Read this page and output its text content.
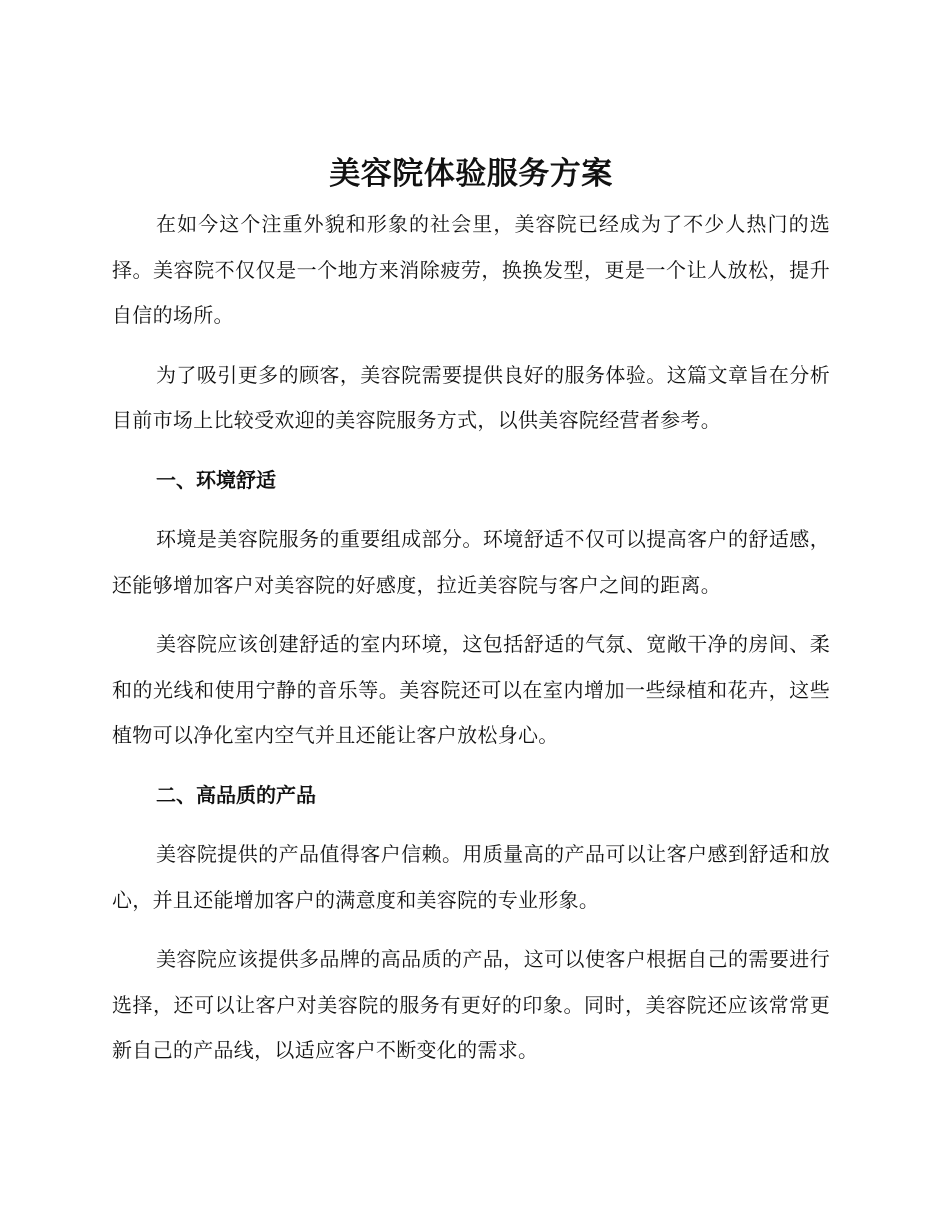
美容院体验服务方案

在如今这个注重外貌和形象的社会里，美容院已经成为了不少人热门的选择。美容院不仅仅是一个地方来消除疲劳，换换发型，更是一个让人放松，提升自信的场所。

为了吸引更多的顾客，美容院需要提供良好的服务体验。这篇文章旨在分析目前市场上比较受欢迎的美容院服务方式，以供美容院经营者参考。

一、环境舒适

环境是美容院服务的重要组成部分。环境舒适不仅可以提高客户的舒适感，还能够增加客户对美容院的好感度，拉近美容院与客户之间的距离。

美容院应该创建舒适的室内环境，这包括舒适的气氛、宽敞干净的房间、柔和的光线和使用宁静的音乐等。美容院还可以在室内增加一些绿植和花卉，这些植物可以净化室内空气并且还能让客户放松身心。

二、高品质的产品

美容院提供的产品值得客户信赖。用质量高的产品可以让客户感到舒适和放心，并且还能增加客户的满意度和美容院的专业形象。

美容院应该提供多品牌的高品质的产品，这可以使客户根据自己的需要进行选择，还可以让客户对美容院的服务有更好的印象。同时，美容院还应该常常更新自己的产品线，以适应客户不断变化的需求。
